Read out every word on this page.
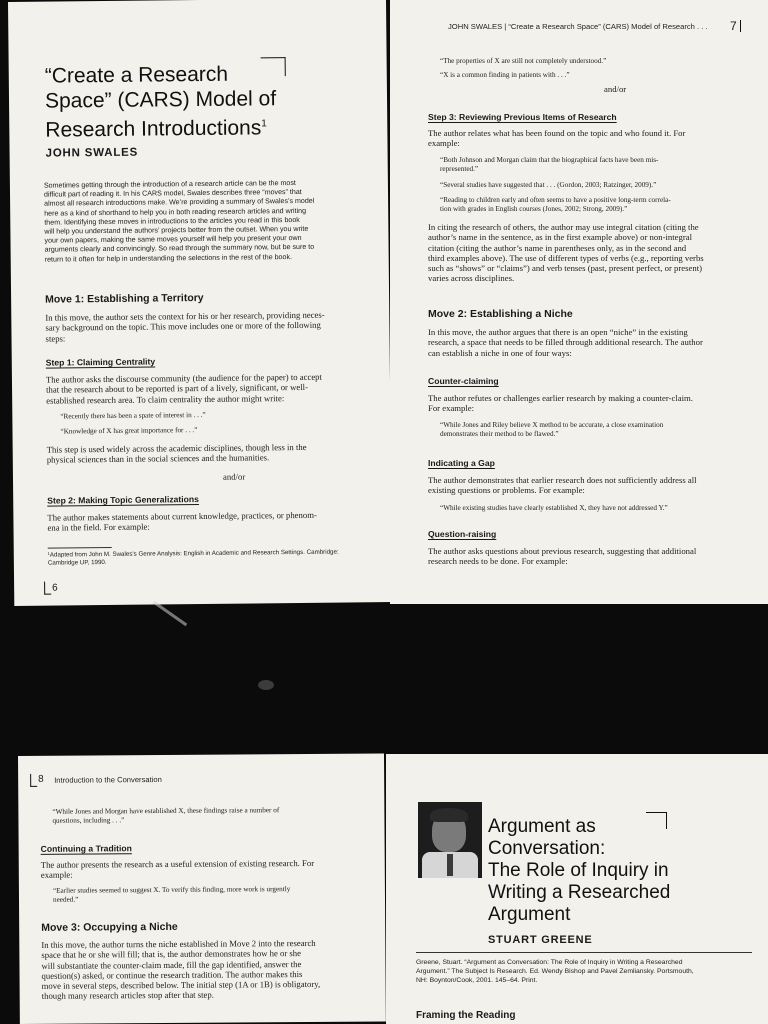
“Create a Research
Space” (CARS) Model of
Research Introductions$^1$
JOHN SWALES
Sometimes getting through the introduction of a research article can be the most
difficult part of reading it. In his CARS model, Swales describes three “moves” that
almost all research introductions make. We’re providing a summary of Swales’s model
here as a kind of shorthand to help you in both reading research articles and writing
them. Identifying these moves in introductions to the articles you read in this book
will help you understand the authors’ projects better from the outset. When you write
your own papers, making the same moves yourself will help you present your own
arguments clearly and convincingly. So read through the summary now, but be sure to
return to it often for help in understanding the selections in the rest of the book.
Move 1: Establishing a Territory
In this move, the author sets the context for his or her research, providing neces-
sary background on the topic. This move includes one or more of the following
steps:
Step 1: Claiming Centrality
The author asks the discourse community (the audience for the paper) to accept
that the research about to be reported is part of a lively, significant, or well-
established research area. To claim centrality the author might write:
“Recently there has been a spate of interest in . . .”
“Knowledge of X has great importance for . . .”
This step is used widely across the academic disciplines, though less in the
physical sciences than in the social sciences and the humanities.
and/or
Step 2: Making Topic Generalizations
The author makes statements about current knowledge, practices, or phenom-
ena in the field. For example:
¹Adapted from John M. Swales’s Genre Analysis: English in Academic and Research Settings. Cambridge:
Cambridge UP, 1990.
6
JOHN SWALES | “Create a Research Space” (CARS) Model of Research . . . 7
“The properties of X are still not completely understood.”
“X is a common finding in patients with . . .”
and/or
Step 3: Reviewing Previous Items of Research
The author relates what has been found on the topic and who found it. For
example:
“Both Johnson and Morgan claim that the biographical facts have been mis-
represented.”
“Several studies have suggested that . . . (Gordon, 2003; Ratzinger, 2009).”
“Reading to children early and often seems to have a positive long-term correla-
tion with grades in English courses (Jones, 2002; Strong, 2009).”
In citing the research of others, the author may use integral citation (citing the
author’s name in the sentence, as in the first example above) or non-integral
citation (citing the author’s name in parentheses only, as in the second and
third examples above). The use of different types of verbs (e.g., reporting verbs
such as “shows” or “claims”) and verb tenses (past, present perfect, or present)
varies across disciplines.
Move 2: Establishing a Niche
In this move, the author argues that there is an open “niche” in the existing
research, a space that needs to be filled through additional research. The author
can establish a niche in one of four ways:
Counter-claiming
The author refutes or challenges earlier research by making a counter-claim.
For example:
“While Jones and Riley believe X method to be accurate, a close examination
demonstrates their method to be flawed.”
Indicating a Gap
The author demonstrates that earlier research does not sufficiently address all
existing questions or problems. For example:
“While existing studies have clearly established X, they have not addressed Y.”
Question-raising
The author asks questions about previous research, suggesting that additional
research needs to be done. For example:
8 Introduction to the Conversation
“While Jones and Morgan have established X, these findings raise a number of
questions, including . . .”
Continuing a Tradition
The author presents the research as a useful extension of existing research. For
example:
“Earlier studies seemed to suggest X. To verify this finding, more work is urgently
needed.”
Move 3: Occupying a Niche
In this move, the author turns the niche established in Move 2 into the research
space that he or she will fill; that is, the author demonstrates how he or she
will substantiate the counter-claim made, fill the gap identified, answer the
question(s) asked, or continue the research tradition. The author makes this
move in several steps, described below. The initial step (1A or 1B) is obligatory,
though many research articles stop after that step.
Argument as
Conversation:
The Role of Inquiry in
Writing a Researched
Argument
STUART GREENE
Greene, Stuart. “Argument as Conversation: The Role of Inquiry in Writing a Researched
Argument.” The Subject Is Research. Ed. Wendy Bishop and Pavel Zemliansky. Portsmouth,
NH: Boynton/Cook, 2001. 145–64. Print.
Framing the Reading
